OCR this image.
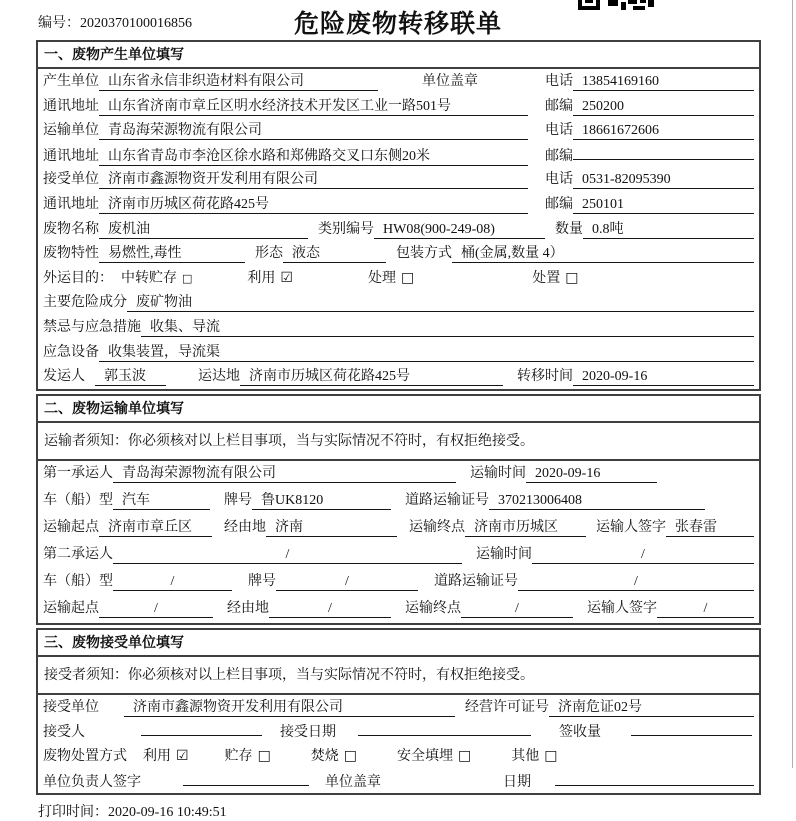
编号：2020370100016856	危险废物转移联单
一、废物产生单位填写
产生单位 山东省永信非织造材料有限公司	单位盖章	电话 13854169160
通讯地址 山东省济南市章丘区明水经济技术开发区工业一路501号	邮编 250200
运输单位 青岛海荣源物流有限公司	电话 18661672606
通讯地址 山东省青岛市李沧区徐水路和郑佛路交叉口东侧20米	邮编
接受单位 济南市鑫源物资开发利用有限公司	电话 0531-82095390
通讯地址 济南市历城区荷花路425号	邮编 250101
废物名称 废机油	类别编号 HW08(900-249-08)	数量 0.8吨
废物特性 易燃性,毒性	形态 液态	包装方式 桶(金属,数量 4）
外运目的： 中转贮存 □	利用 ☑	处理 □	处置 □
主要危险成分 废矿物油
禁忌与应急措施 收集、导流
应急设备 收集装置，导流渠
发运人	郭玉波	运达地 济南市历城区荷花路425号	转移时间 2020-09-16
二、废物运输单位填写
运输者须知：你必须核对以上栏目事项，当与实际情况不符时，有权拒绝接受。
第一承运人 青岛海荣源物流有限公司	运输时间 2020-09-16
车（船）型 汽车	牌号 鲁UK8120	道路运输证号 370213006408
运输起点 济南市章丘区	经由地 济南	运输终点 济南市历城区	运输人签字 张春雷
第二承运人	/	运输时间	/
车（船）型	/	牌号	/	道路运输证号	/
运输起点	/	经由地	/	运输终点	/	运输人签字	/
三、废物接受单位填写
接受者须知：你必须核对以上栏目事项，当与实际情况不符时，有权拒绝接受。
接受单位	济南市鑫源物资开发利用有限公司	经营许可证号 济南危证02号
接受人	接受日期	签收量
废物处置方式 利用 ☑	贮存 □	焚烧 □	安全填埋 □	其他 □
单位负责人签字	单位盖章	日期
打印时间：2020-09-16 10:49:51
